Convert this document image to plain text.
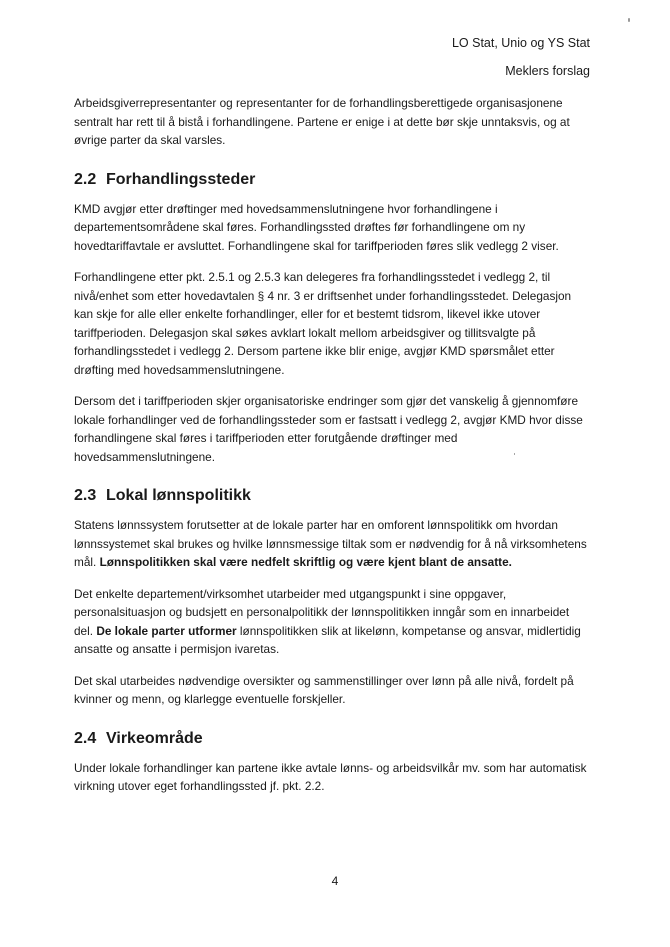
LO Stat, Unio og YS Stat
Meklers forslag

Arbeidsgiverrepresentanter og representanter for de forhandlingsberettigede organisasjonene sentralt har rett til å bistå i forhandlingene. Partene er enige i at dette bør skje unntaksvis, og at øvrige parter da skal varsles.

2.2 Forhandlingssteder

KMD avgjør etter drøftinger med hovedsammenslutningene hvor forhandlingene i departementsområdene skal føres. Forhandlingssted drøftes før forhandlingene om ny hovedtariffavtale er avsluttet. Forhandlingene skal for tariffperioden føres slik vedlegg 2 viser.

Forhandlingene etter pkt. 2.5.1 og 2.5.3 kan delegeres fra forhandlingsstedet i vedlegg 2, til nivå/enhet som etter hovedavtalen § 4 nr. 3 er driftsenhet under forhandlingsstedet. Delegasjon kan skje for alle eller enkelte forhandlinger, eller for et bestemt tidsrom, likevel ikke utover tariffperioden. Delegasjon skal søkes avklart lokalt mellom arbeidsgiver og tillitsvalgte på forhandlingsstedet i vedlegg 2. Dersom partene ikke blir enige, avgjør KMD spørsmålet etter drøfting med hovedsammenslutningene.

Dersom det i tariffperioden skjer organisatoriske endringer som gjør det vanskelig å gjennomføre lokale forhandlinger ved de forhandlingssteder som er fastsatt i vedlegg 2, avgjør KMD hvor disse forhandlingene skal føres i tariffperioden etter forutgående drøftinger med hovedsammenslutningene.

2.3 Lokal lønnspolitikk

Statens lønnssystem forutsetter at de lokale parter har en omforent lønnspolitikk om hvordan lønnssystemet skal brukes og hvilke lønnsmessige tiltak som er nødvendig for å nå virksomhetens mål. Lønnspolitikken skal være nedfelt skriftlig og være kjent blant de ansatte.

Det enkelte departement/virksomhet utarbeider med utgangspunkt i sine oppgaver, personalsituasjon og budsjett en personalpolitikk der lønnspolitikken inngår som en innarbeidet del. De lokale parter utformer lønnspolitikken slik at likelønn, kompetanse og ansvar, midlertidig ansatte og ansatte i permisjon ivaretas.

Det skal utarbeides nødvendige oversikter og sammenstillinger over lønn på alle nivå, fordelt på kvinner og menn, og klarlegge eventuelle forskjeller.

2.4 Virkeområde

Under lokale forhandlinger kan partene ikke avtale lønns- og arbeidsvilkår mv. som har automatisk virkning utover eget forhandlingssted jf. pkt. 2.2.

4
